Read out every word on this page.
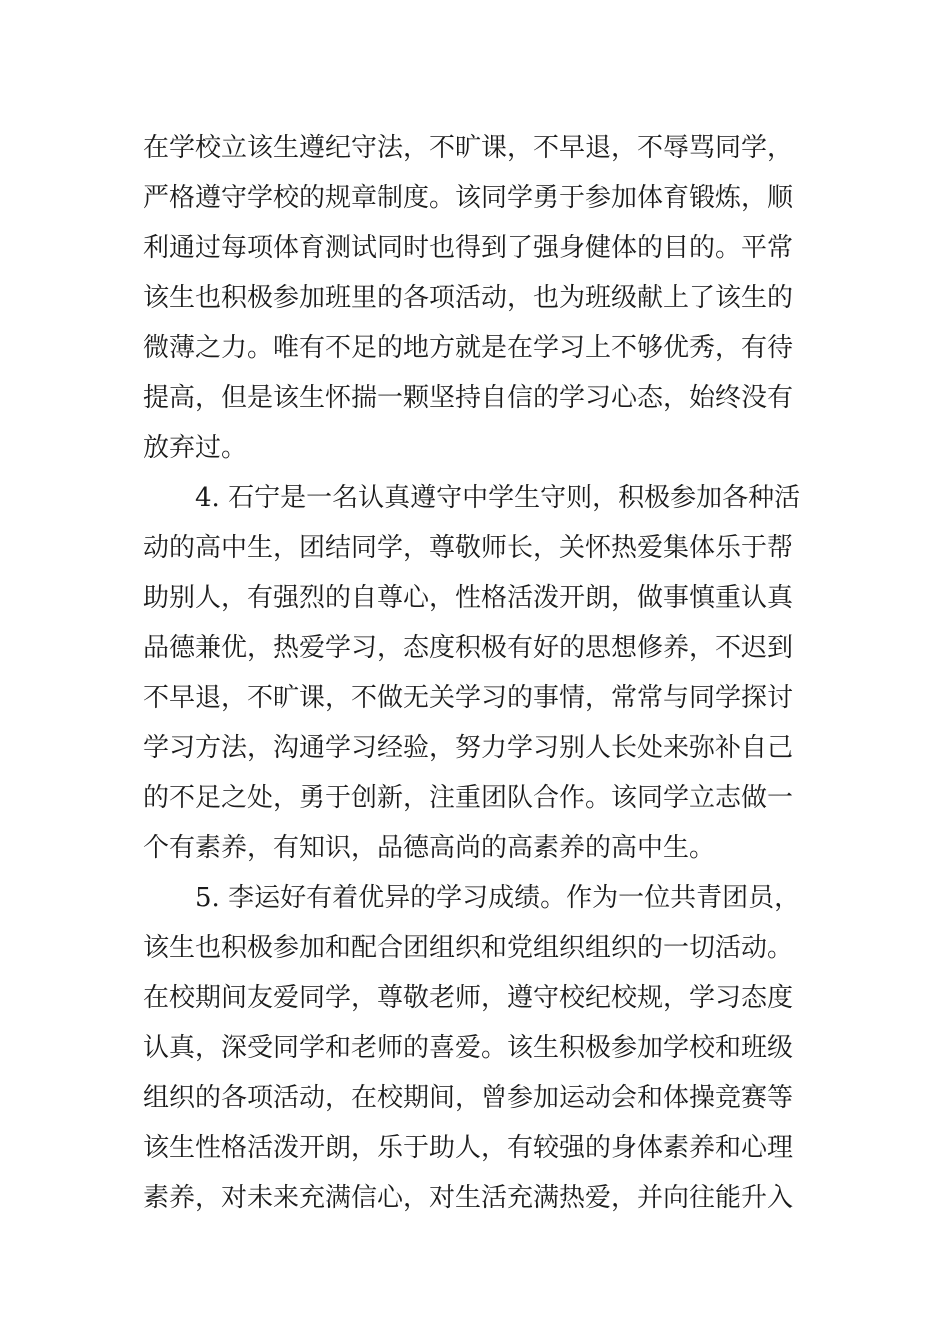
在学校立该生遵纪守法，不旷课，不早退，不辱骂同学，
严格遵守学校的规章制度。该同学勇于参加体育锻炼，顺
利通过每项体育测试同时也得到了强身健体的目的。平常
该生也积极参加班里的各项活动，也为班级献上了该生的
微薄之力。唯有不足的地方就是在学习上不够优秀，有待
提高，但是该生怀揣一颗坚持自信的学习心态，始终没有
放弃过。
4. 石宁是一名认真遵守中学生守则，积极参加各种活
动的高中生，团结同学，尊敬师长，关怀热爱集体乐于帮
助别人，有强烈的自尊心，性格活泼开朗，做事慎重认真
品德兼优，热爱学习，态度积极有好的思想修养，不迟到
不早退，不旷课，不做无关学习的事情，常常与同学探讨
学习方法，沟通学习经验，努力学习别人长处来弥补自己
的不足之处，勇于创新，注重团队合作。该同学立志做一
个有素养，有知识，品德高尚的高素养的高中生。
5. 李运好有着优异的学习成绩。作为一位共青团员，
该生也积极参加和配合团组织和党组织组织的一切活动。
在校期间友爱同学，尊敬老师，遵守校纪校规，学习态度
认真，深受同学和老师的喜爱。该生积极参加学校和班级
组织的各项活动，在校期间，曾参加运动会和体操竞赛等
该生性格活泼开朗，乐于助人，有较强的身体素养和心理
素养，对未来充满信心，对生活充满热爱，并向往能升入
